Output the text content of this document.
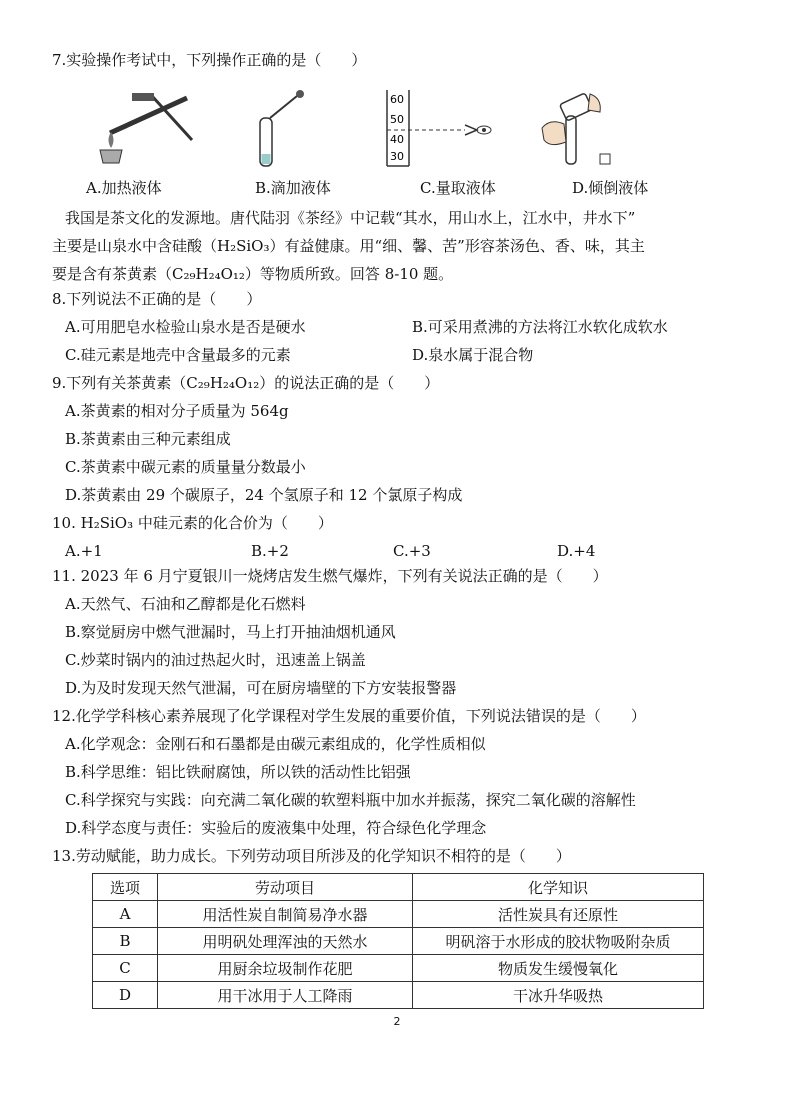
7.实验操作考试中，下列操作正确的是（　　）
A.加热液体	B.滴加液体
60
50
40
30
C.量取液体	D.倾倒液体
我国是茶文化的发源地。唐代陆羽《茶经》中记载“其水，用山水上，江水中，井水下”
主要是山泉水中含硅酸（H₂SiO₃）有益健康。用“细、馨、苦”形容茶汤色、香、味，其主
要是含有茶黄素（C₂₉H₂₄O₁₂）等物质所致。回答 8-10 题。
8.下列说法不正确的是（　　）
A.可用肥皂水检验山泉水是否是硬水	B.可采用煮沸的方法将江水软化成软水
C.硅元素是地壳中含量最多的元素	D.泉水属于混合物
9.下列有关茶黄素（C₂₉H₂₄O₁₂）的说法正确的是（　　）
A.茶黄素的相对分子质量为 564g
B.茶黄素由三种元素组成
C.茶黄素中碳元素的质量量分数最小
D.茶黄素由 29 个碳原子，24 个氢原子和 12 个氯原子构成
10. H₂SiO₃ 中硅元素的化合价为（　　）
A.+1	B.+2	C.+3	D.+4
11. 2023 年 6 月宁夏银川一烧烤店发生燃气爆炸，下列有关说法正确的是（　　）
A.天然气、石油和乙醇都是化石燃料
B.察觉厨房中燃气泄漏时，马上打开抽油烟机通风
C.炒菜时锅内的油过热起火时，迅速盖上锅盖
D.为及时发现天然气泄漏，可在厨房墙壁的下方安装报警器
12.化学学科核心素养展现了化学课程对学生发展的重要价值，下列说法错误的是（　　）
A.化学观念：金刚石和石墨都是由碳元素组成的，化学性质相似
B.科学思维：铝比铁耐腐蚀，所以铁的活动性比铝强
C.科学探究与实践：向充满二氧化碳的软塑料瓶中加水并振荡，探究二氧化碳的溶解性
D.科学态度与责任：实验后的废液集中处理，符合绿色化学理念
13.劳动赋能，助力成长。下列劳动项目所涉及的化学知识不相符的是（　　）
选项	劳动项目	化学知识
A	用活性炭自制简易净水器	活性炭具有还原性
B	用明矾处理浑浊的天然水	明矾溶于水形成的胶状物吸附杂质
C	用厨余垃圾制作花肥	物质发生缓慢氧化
D	用干冰用于人工降雨	干冰升华吸热
2
